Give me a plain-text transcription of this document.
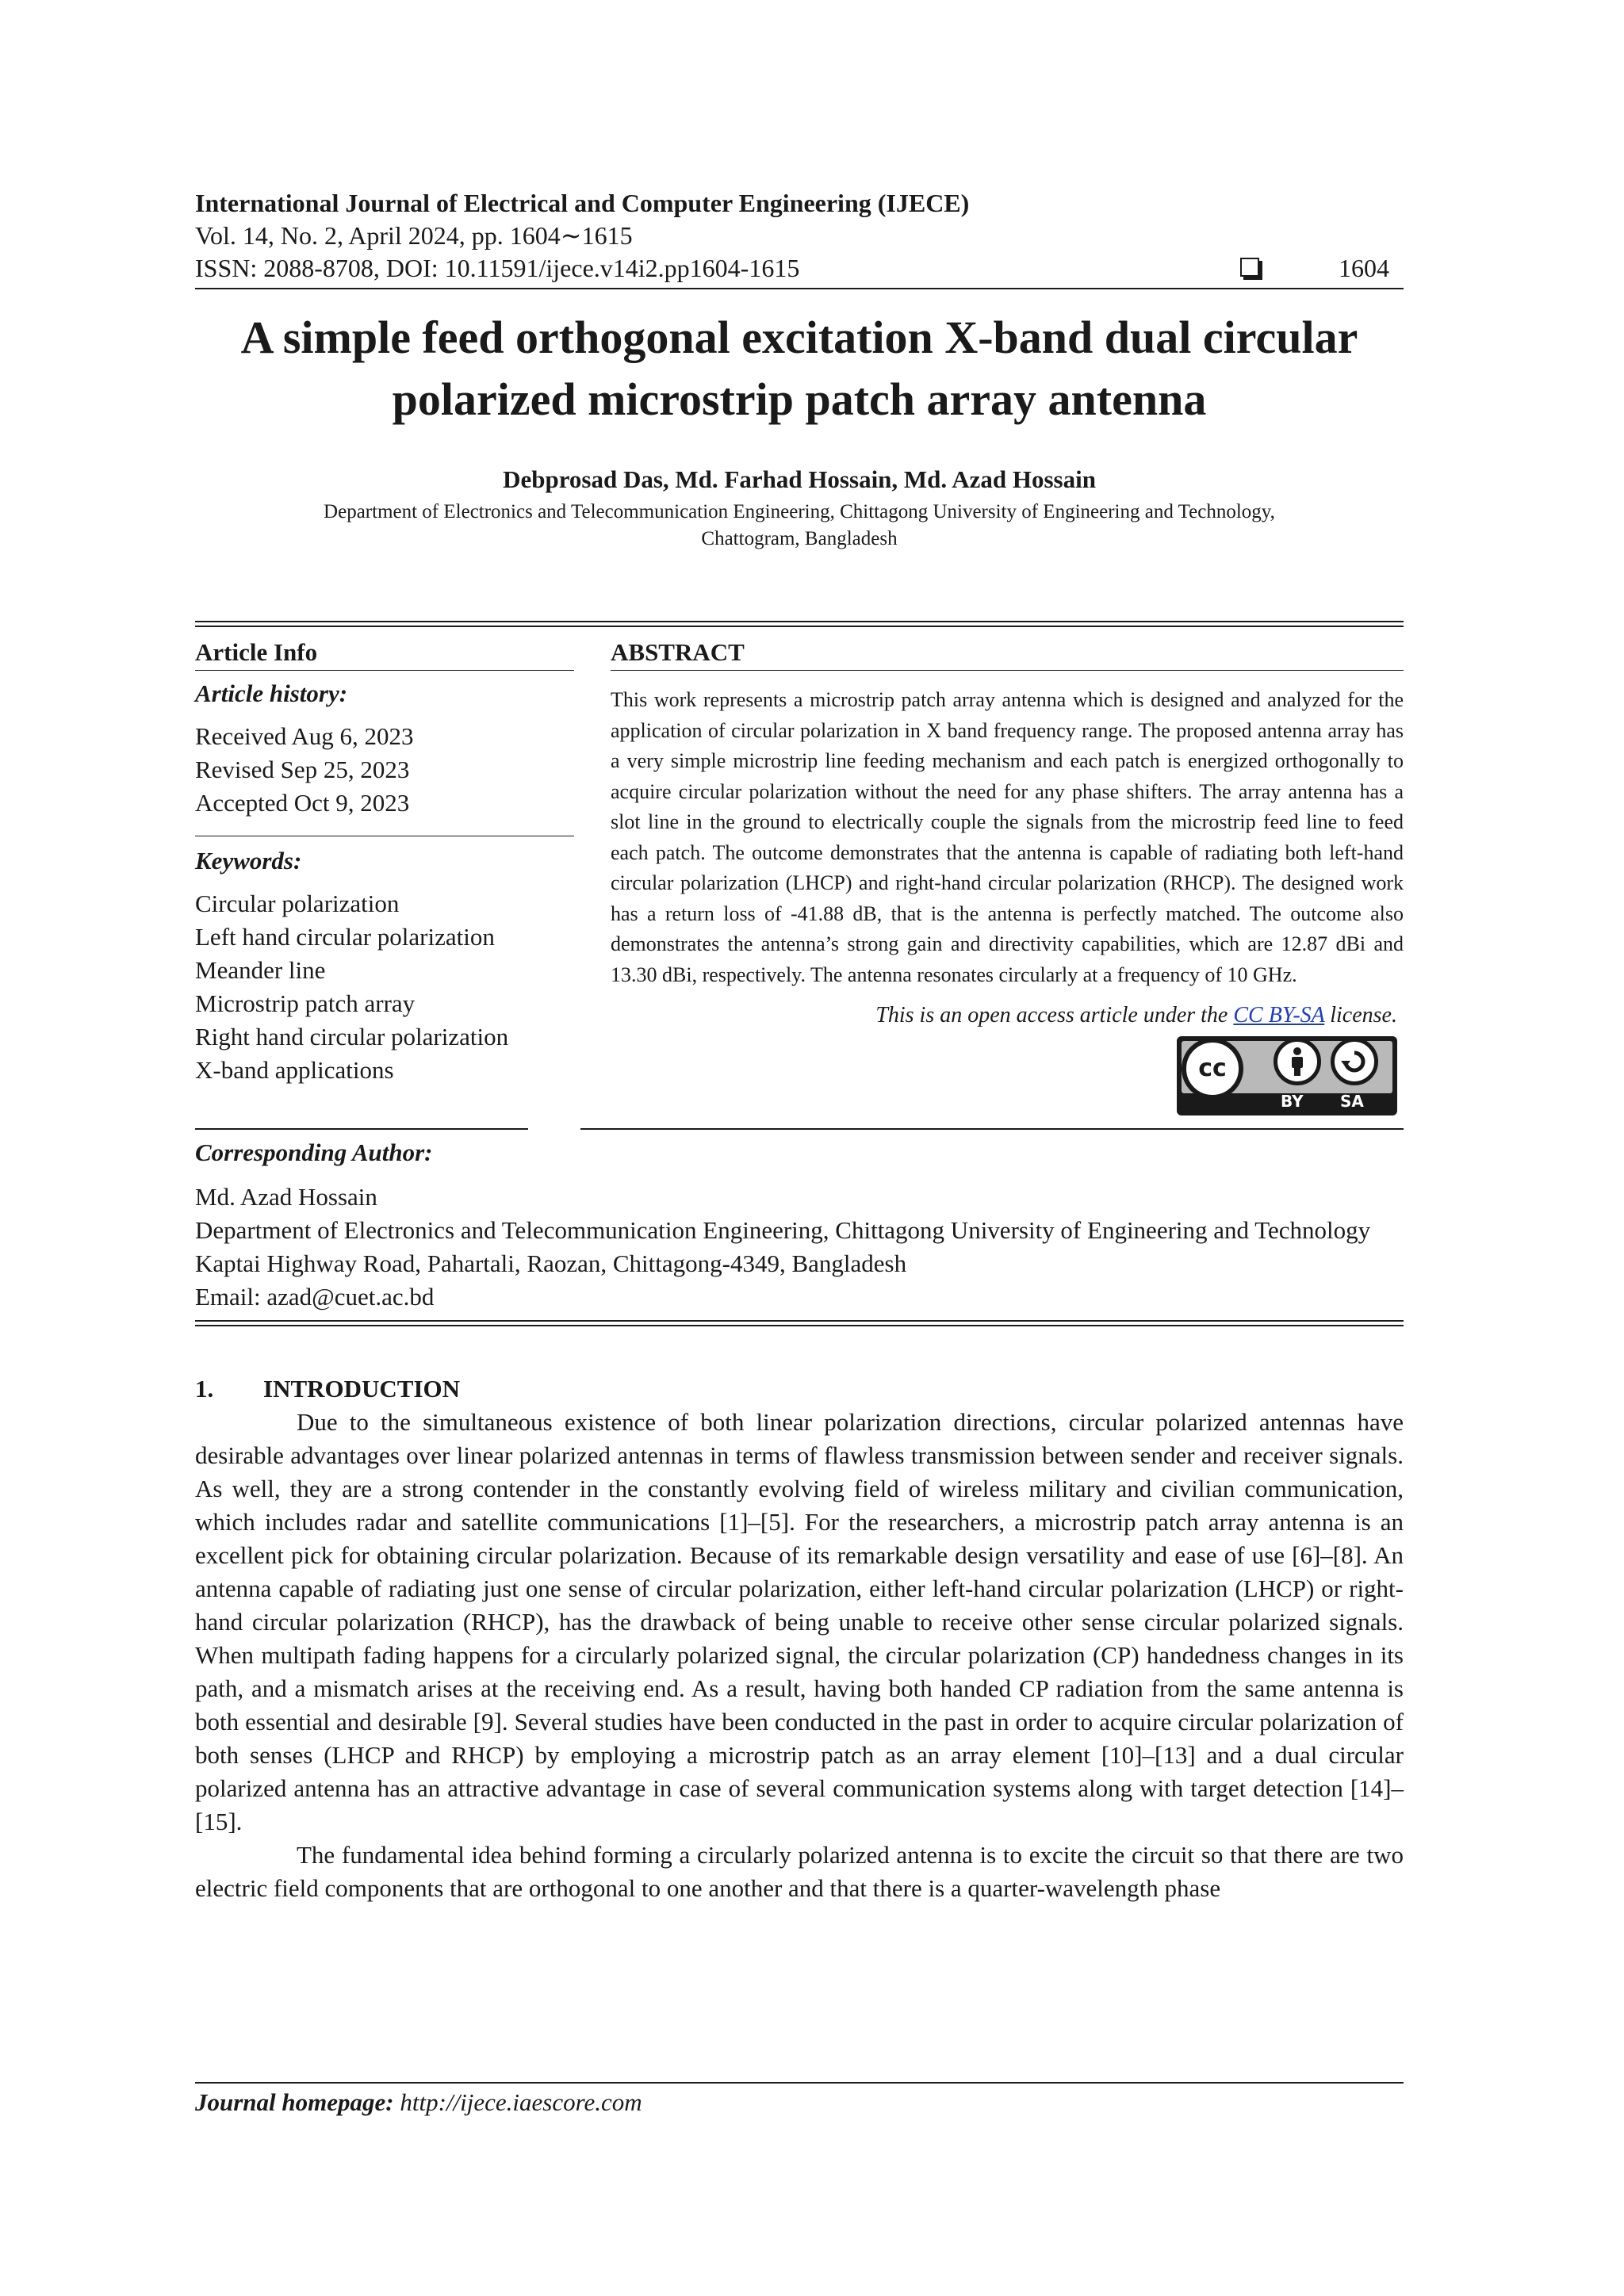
International Journal of Electrical and Computer Engineering (IJECE)
Vol. 14, No. 2, April 2024, pp. 1604∼1615
ISSN: 2088-8708, DOI: 10.11591/ijece.v14i2.pp1604-1615	1604
A simple feed orthogonal excitation X-band dual circular
polarized microstrip patch array antenna
Debprosad Das, Md. Farhad Hossain, Md. Azad Hossain
Department of Electronics and Telecommunication Engineering, Chittagong University of Engineering and Technology,
Chattogram, Bangladesh
Article Info
Article history:
Received Aug 6, 2023
Revised Sep 25, 2023
Accepted Oct 9, 2023
Keywords:
Circular polarization
Left hand circular polarization
Meander line
Microstrip patch array
Right hand circular polarization
X-band applications
ABSTRACT
This work represents a microstrip patch array antenna which is designed and analyzed for the application of circular polarization in X band frequency range. The proposed antenna array has a very simple microstrip line feeding mechanism and each patch is energized orthogonally to acquire circular polarization without the need for any phase shifters. The array antenna has a slot line in the ground to electrically couple the signals from the microstrip feed line to feed each patch. The outcome demonstrates that the antenna is capable of radiating both left-hand circular polarization (LHCP) and right-hand circular polarization (RHCP). The designed work has a return loss of -41.88 dB, that is the antenna is perfectly matched. The outcome also demonstrates the antenna’s strong gain and directivity capabilities, which are 12.87 dBi and 13.30 dBi, respectively. The antenna resonates circularly at a frequency of 10 GHz.
This is an open access article under the CC BY-SA license.
cc
BY SA
Corresponding Author:
Md. Azad Hossain
Department of Electronics and Telecommunication Engineering, Chittagong University of Engineering and Technology
Kaptai Highway Road, Pahartali, Raozan, Chittagong-4349, Bangladesh
Email: azad@cuet.ac.bd
1. INTRODUCTION

Due to the simultaneous existence of both linear polarization directions, circular polarized antennas have desirable advantages over linear polarized antennas in terms of flawless transmission between sender and receiver signals. As well, they are a strong contender in the constantly evolving field of wireless military and civilian communication, which includes radar and satellite communications [1]–[5]. For the researchers, a microstrip patch array antenna is an excellent pick for obtaining circular polarization. Because of its remarkable design versatility and ease of use [6]–[8]. An antenna capable of radiating just one sense of circular polarization, either left-hand circular polarization (LHCP) or right-hand circular polarization (RHCP), has the drawback of being unable to receive other sense circular polarized signals. When multipath fading happens for a circularly polarized signal, the circular polarization (CP) handedness changes in its path, and a mismatch arises at the receiving end. As a result, having both handed CP radiation from the same antenna is both essential and desirable [9]. Several studies have been conducted in the past in order to acquire circular polarization of both senses (LHCP and RHCP) by employing a microstrip patch as an array element [10]–[13] and a dual circular polarized antenna has an attractive advantage in case of several communication systems along with target detection [14]–[15].

The fundamental idea behind forming a circularly polarized antenna is to excite the circuit so that there are two electric field components that are orthogonal to one another and that there is a quarter-wavelength phase

Journal homepage: http://ijece.iaescore.com
